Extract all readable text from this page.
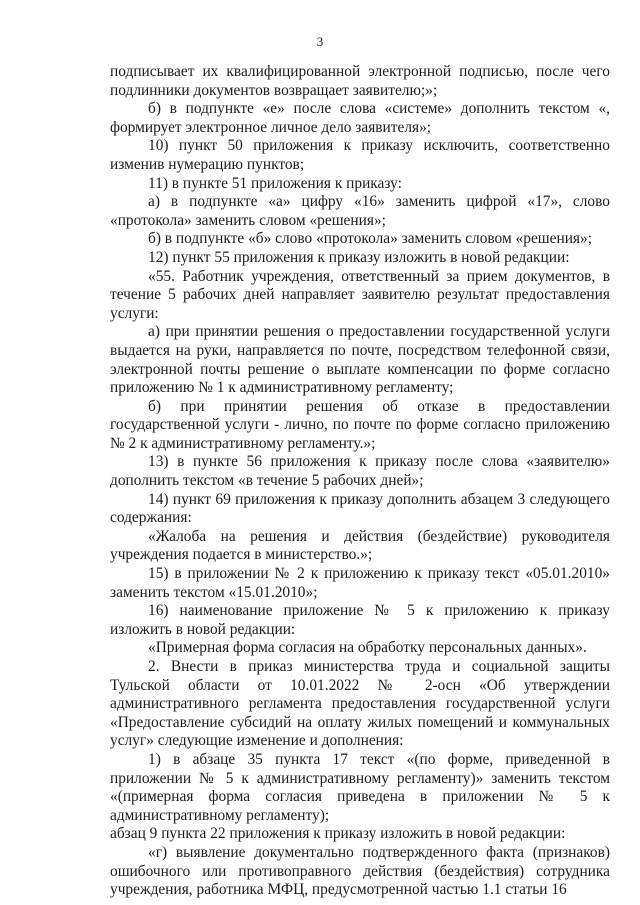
3

подписывает их квалифицированной электронной подписью, после чего подлинники документов возвращает заявителю;»;

б) в подпункте «е» после слова «системе» дополнить текстом «, формирует электронное личное дело заявителя»;

10) пункт 50 приложения к приказу исключить, соответственно изменив нумерацию пунктов;

11) в пункте 51 приложения к приказу:

а) в подпункте «а» цифру «16» заменить цифрой «17», слово «протокола» заменить словом «решения»;

б) в подпункте «б» слово «протокола» заменить словом «решения»;

12) пункт 55 приложения к приказу изложить в новой редакции:

«55. Работник учреждения, ответственный за прием документов, в течение 5 рабочих дней направляет заявителю результат предоставления услуги:

а) при принятии решения о предоставлении государственной услуги выдается на руки, направляется по почте, посредством телефонной связи, электронной почты решение о выплате компенсации по форме согласно приложению № 1 к административному регламенту;

б) при принятии решения об отказе в предоставлении государственной услуги - лично, по почте по форме согласно приложению № 2 к административному регламенту.»;

13) в пункте 56 приложения к приказу после слова «заявителю» дополнить текстом «в течение 5 рабочих дней»;

14) пункт 69 приложения к приказу дополнить абзацем 3 следующего содержания:

«Жалоба на решения и действия (бездействие) руководителя учреждения подается в министерство.»;

15) в приложении № 2 к приложению к приказу текст «05.01.2010» заменить текстом «15.01.2010»;

16) наименование приложение № 5 к приложению к приказу изложить в новой редакции:

«Примерная форма согласия на обработку персональных данных».

2. Внести в приказ министерства труда и социальной защиты Тульской области от 10.01.2022 № 2-осн «Об утверждении административного регламента предоставления государственной услуги «Предоставление субсидий на оплату жилых помещений и коммунальных услуг» следующие изменение и дополнения:

1) в абзаце 35 пункта 17 текст «(по форме, приведенной в приложении № 5 к административному регламенту)» заменить текстом «(примерная форма согласия приведена в приложении № 5 к административному регламенту);

абзац 9 пункта 22 приложения к приказу изложить в новой редакции:

«г) выявление документально подтвержденного факта (признаков) ошибочного или противоправного действия (бездействия) сотрудника учреждения, работника МФЦ, предусмотренной частью 1.1 статьи 16
